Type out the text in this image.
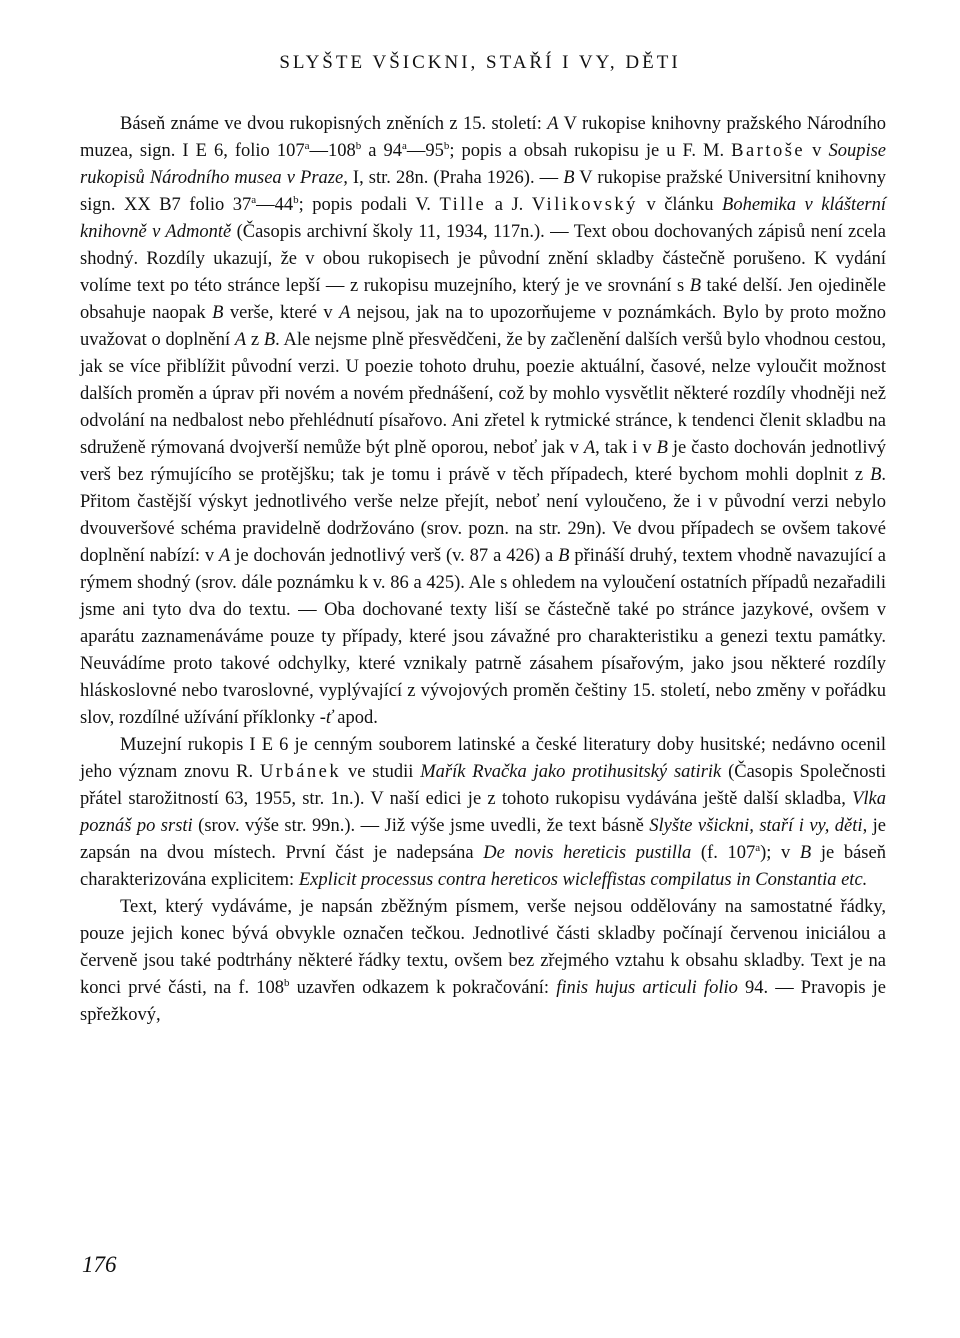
SLYŠTE VŠICKNI, STAŘÍ I VY, DĚTI

Báseň známe ve dvou rukopisných zněních z 15. století: A V rukopise knihovny pražského Národního muzea, sign. I E 6, folio 107$^a$—108$^b$ a 94$^a$—95$^b$; popis a obsah rukopisu je u F. M. Bartoše v Soupise rukopisů Národního musea v Praze, I, str. 28n. (Praha 1926). — B V rukopise pražské Universitní knihovny sign. XX B7 folio 37$^a$—44$^b$; popis podali V. Tille a J. Vilikovský v článku Bohemika v klášterní knihovně v Admontě (Časopis archivní školy 11, 1934, 117n.). — Text obou dochovaných zápisů není zcela shodný. Rozdíly ukazují, že v obou rukopisech je původní znění skladby částečně porušeno. K vydání volíme text po této stránce lepší — z rukopisu muzejního, který je ve srovnání s B také delší. Jen ojediněle obsahuje naopak B verše, které v A nejsou, jak na to upozorňujeme v poznámkách. Bylo by proto možno uvažovat o doplnění A z B. Ale nejsme plně přesvědčeni, že by začlenění dalších veršů bylo vhodnou cestou, jak se více přiblížit původní verzi. U poezie tohoto druhu, poezie aktuální, časové, nelze vyloučit možnost dalších proměn a úprav při novém a novém přednášení, což by mohlo vysvětlit některé rozdíly vhodněji než odvolání na nedbalost nebo přehlédnutí písařovo. Ani zřetel k rytmické stránce, k tendenci členit skladbu na sdruženě rýmovaná dvojverší nemůže být plně oporou, neboť jak v A, tak i v B je často dochován jednotlivý verš bez rýmujícího se protějšku; tak je tomu i právě v těch případech, které bychom mohli doplnit z B. Přitom častější výskyt jednotlivého verše nelze přejít, neboť není vyloučeno, že i v původní verzi nebylo dvouveršové schéma pravidelně dodržováno (srov. pozn. na str. 29n). Ve dvou případech se ovšem takové doplnění nabízí: v A je dochován jednotlivý verš (v. 87 a 426) a B přináší druhý, textem vhodně navazující a rýmem shodný (srov. dále poznámku k v. 86 a 425). Ale s ohledem na vyloučení ostatních případů nezařadili jsme ani tyto dva do textu. — Oba dochované texty liší se částečně také po stránce jazykové, ovšem v aparátu zaznamenáváme pouze ty případy, které jsou závažné pro charakteristiku a genezi textu památky. Neuvádíme proto takové odchylky, které vznikaly patrně zásahem písařovým, jako jsou některé rozdíly hláskoslovné nebo tvaroslovné, vyplývající z vývojových proměn češtiny 15. století, nebo změny v pořádku slov, rozdílné užívání příklonky -ť apod.

Muzejní rukopis I E 6 je cenným souborem latinské a české literatury doby husitské; nedávno ocenil jeho význam znovu R. Urbánek ve studii Mařík Rvačka jako protihusitský satirik (Časopis Společnosti přátel starožitností 63, 1955, str. 1n.). V naší edici je z tohoto rukopisu vydávána ještě další skladba, Vlka poznáš po srsti (srov. výše str. 99n.). — Již výše jsme uvedli, že text básně Slyšte všickni, staří i vy, děti, je zapsán na dvou místech. První část je nadepsána De novis hereticis pustilla (f. 107$^a$); v B je báseň charakterizována explicitem: Explicit processus contra hereticos wicleffistas compilatus in Constantia etc.

Text, který vydáváme, je napsán zběžným písmem, verše nejsou oddělovány na samostatné řádky, pouze jejich konec bývá obvykle označen tečkou. Jednotlivé části skladby počínají červenou iniciálou a červeně jsou také podtrhány některé řádky textu, ovšem bez zřejmého vztahu k obsahu skladby. Text je na konci prvé části, na f. 108$^b$ uzavřen odkazem k pokračování: finis hujus articuli folio 94. — Pravopis je spřežkový,

176
